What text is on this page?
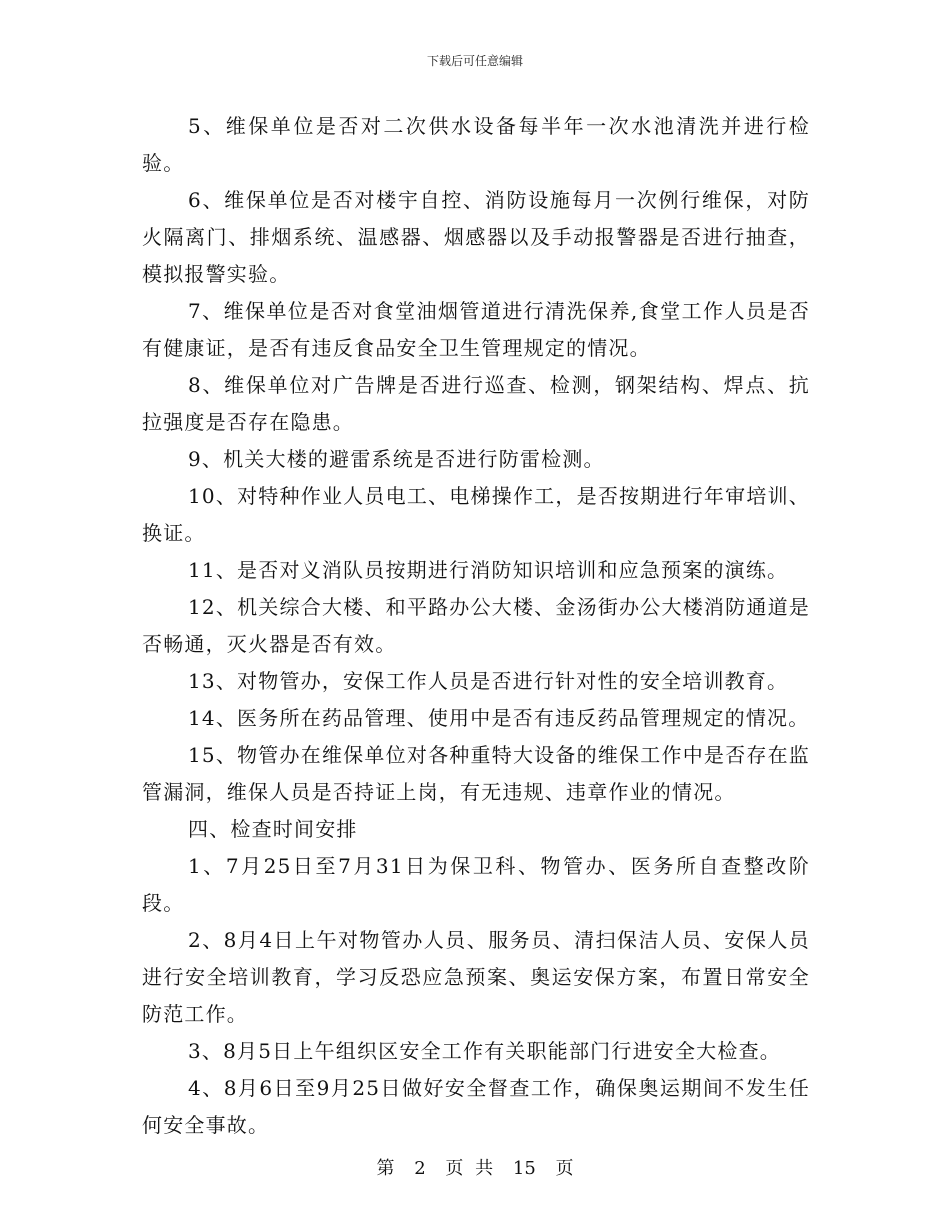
下载后可任意编辑

5、维保单位是否对二次供水设备每半年一次水池清洗并进行检验。

6、维保单位是否对楼宇自控、消防设施每月一次例行维保，对防火隔离门、排烟系统、温感器、烟感器以及手动报警器是否进行抽查，模拟报警实验。

7、维保单位是否对食堂油烟管道进行清洗保养,食堂工作人员是否有健康证，是否有违反食品安全卫生管理规定的情况。

8、维保单位对广告牌是否进行巡查、检测，钢架结构、焊点、抗拉强度是否存在隐患。

9、机关大楼的避雷系统是否进行防雷检测。

10、对特种作业人员电工、电梯操作工，是否按期进行年审培训、换证。

11、是否对义消队员按期进行消防知识培训和应急预案的演练。

12、机关综合大楼、和平路办公大楼、金汤街办公大楼消防通道是否畅通，灭火器是否有效。

13、对物管办，安保工作人员是否进行针对性的安全培训教育。

14、医务所在药品管理、使用中是否有违反药品管理规定的情况。

15、物管办在维保单位对各种重特大设备的维保工作中是否存在监管漏洞，维保人员是否持证上岗，有无违规、违章作业的情况。

四、检查时间安排

1、7月25日至7月31日为保卫科、物管办、医务所自查整改阶段。

2、8月4日上午对物管办人员、服务员、清扫保洁人员、安保人员进行安全培训教育，学习反恐应急预案、奥运安保方案，布置日常安全防范工作。

3、8月5日上午组织区安全工作有关职能部门行进安全大检查。

4、8月6日至9月25日做好安全督查工作，确保奥运期间不发生任何安全事故。

第 2 页 共 15 页
